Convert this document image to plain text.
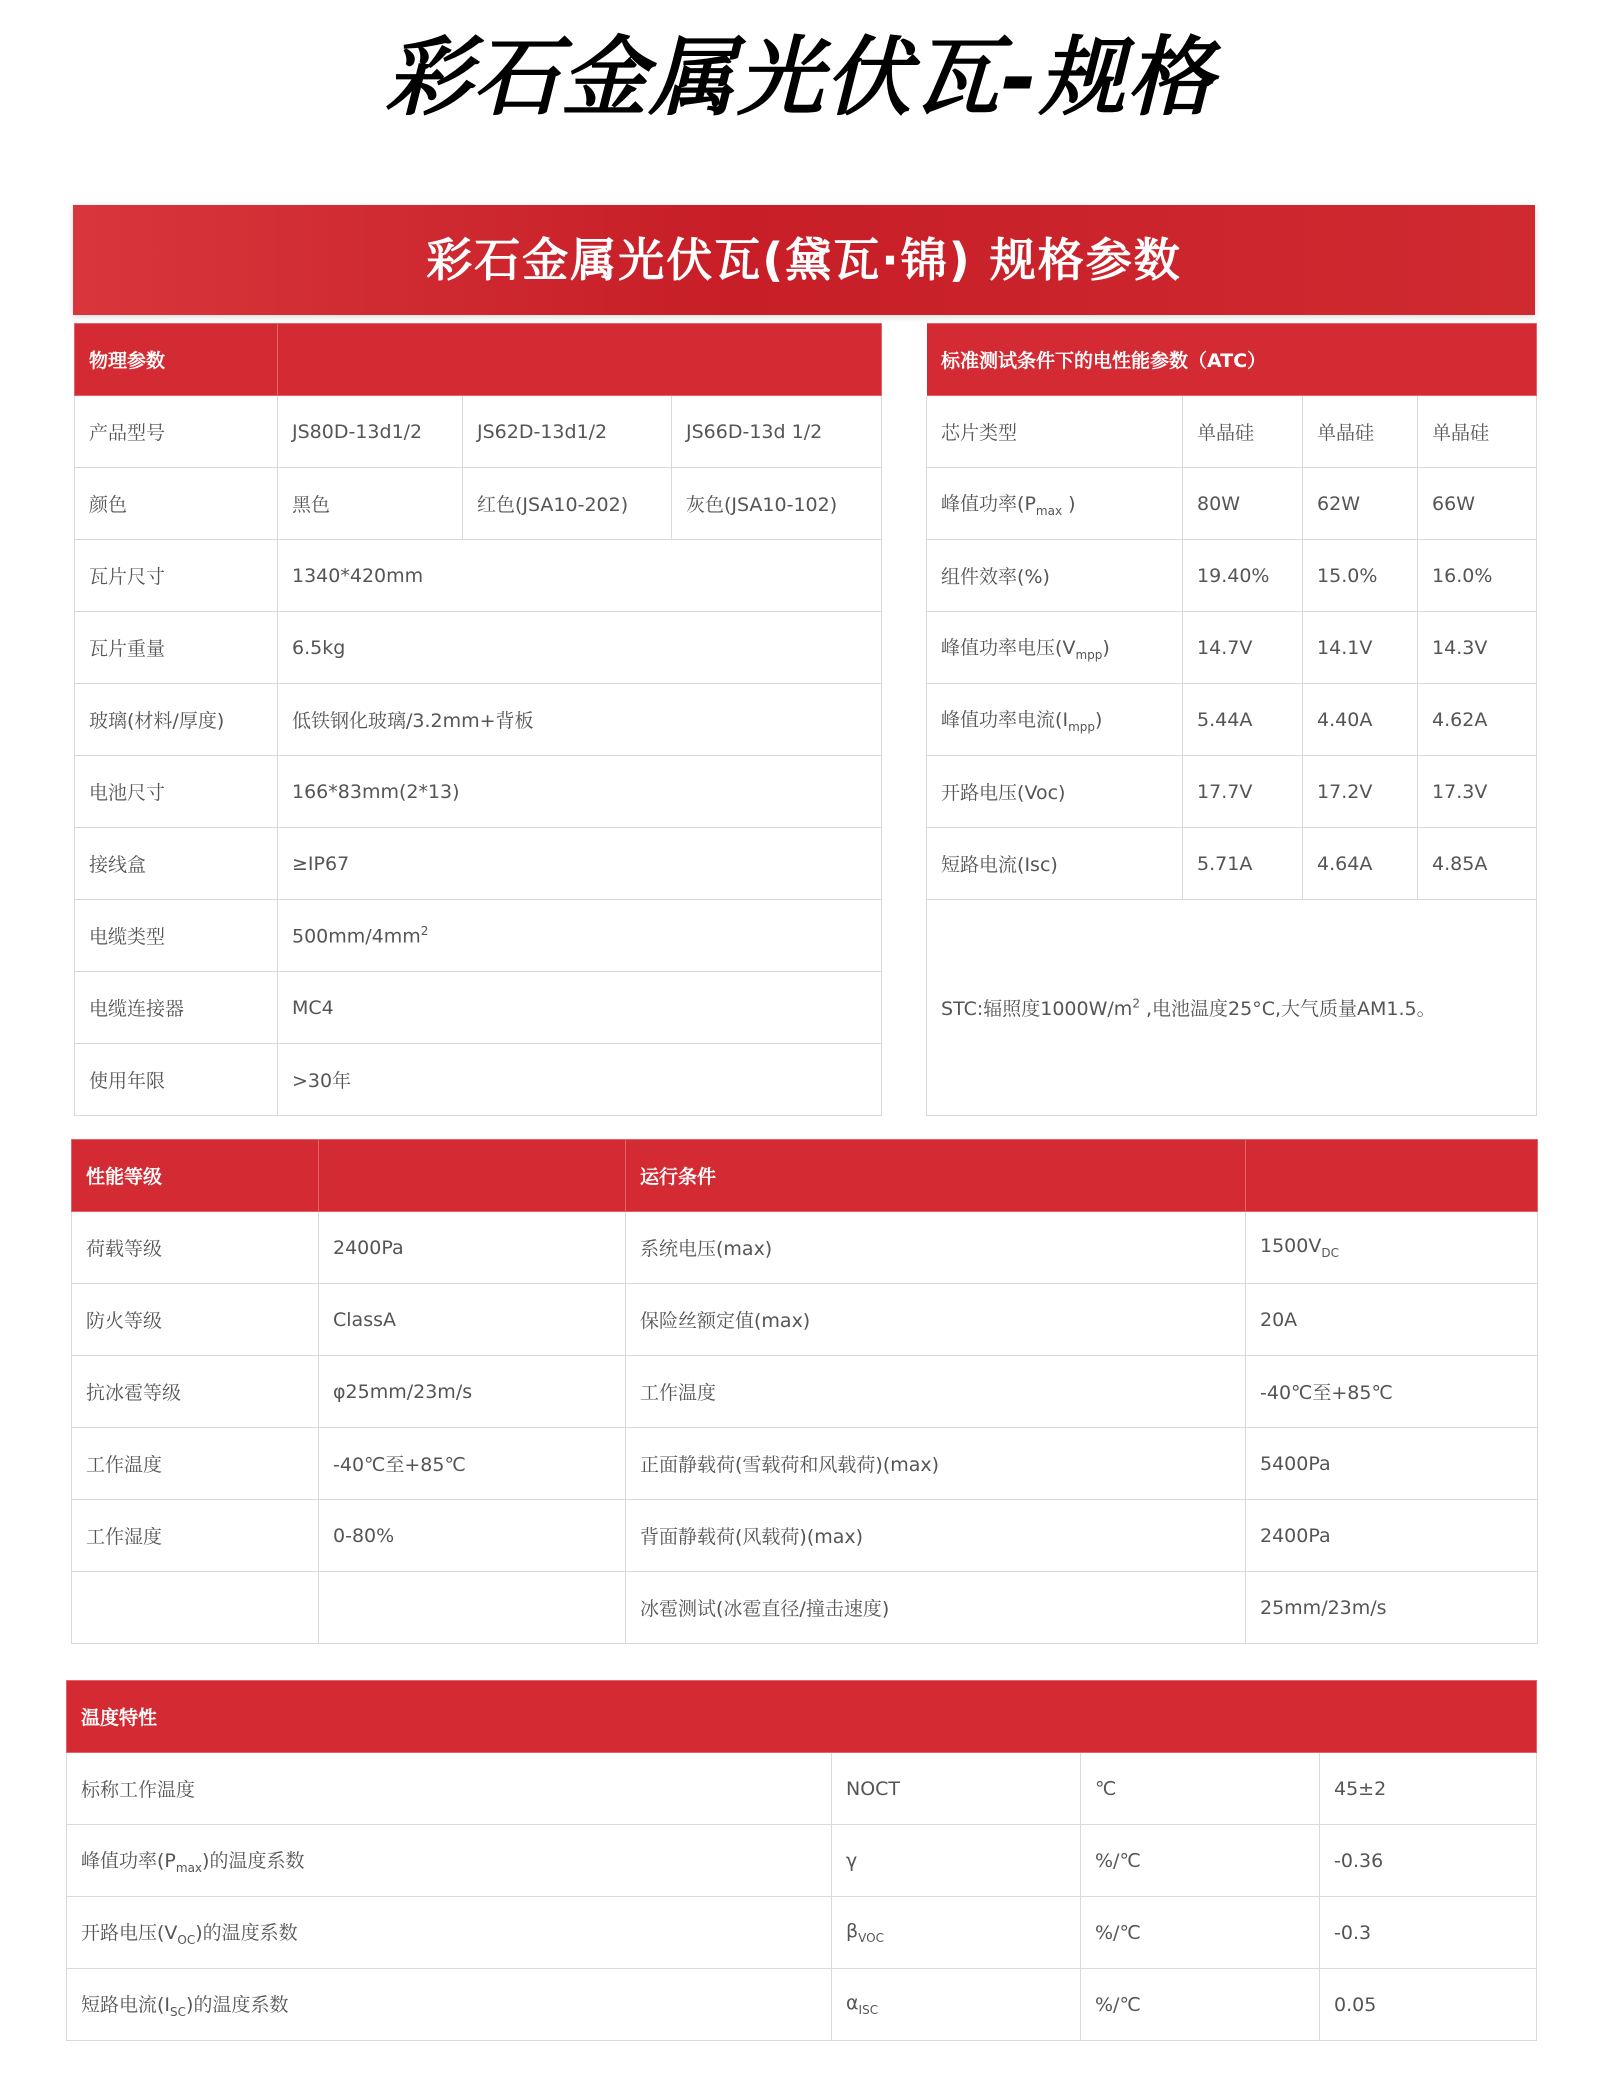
彩石金属光伏瓦-规格
彩石金属光伏瓦(黛瓦·锦) 规格参数
物理参数					标准测试条件下的电性能参数（ATC）			
产品型号	JS80D-13d1/2	JS62D-13d1/2	JS66D-13d 1/2		芯片类型	单晶硅	单晶硅	单晶硅
颜色	黑色	红色(JSA10-202)	灰色(JSA10-102)		峰值功率($P_{max}$ )	80W	62W	66W
瓦片尺寸	1340*420mm				组件效率(%)	19.40%	15.0%	16.0%
瓦片重量	6.5kg				峰值功率电压$(V_{mpp})$	14.7V	14.1V	14.3V
玻璃(材料/厚度)	低铁钢化玻璃/3.2mm+背板				峰值功率电流$(I_{mpp})$	5.44A	4.40A	4.62A
电池尺寸	166*83mm(2*13)				开路电压(Voc)	17.7V	17.2V	17.3V
接线盒	≥IP67				短路电流(Isc)	5.71A	4.64A	4.85A
电缆类型	$500mm/4mm^2$				STC:辐照度$1000W/m^2$ ,电池温度25°C,大气质量AM1.5。			
电缆连接器	MC4							
使用年限	>30年							
性能等级		运行条件	
荷载等级	2400Pa	系统电压(max)	$1500V_{DC}$
防火等级	ClassA	保险丝额定值(max)	20A
抗冰雹等级	φ25mm/23m/s	工作温度	-40℃至+85℃
工作温度	-40℃至+85℃	正面静载荷(雪载荷和风载荷)(max)	5400Pa
工作湿度	0-80%	背面静载荷(风载荷)(max)	2400Pa
		冰雹测试(冰雹直径/撞击速度)	25mm/23m/s
温度特性			
标称工作温度	NOCT	℃	45±2
峰值功率$(P_{max})$的温度系数	γ	%/℃	-0.36
开路电压$(V_{OC})$的温度系数	$\beta_{VOC}$	%/℃	-0.3
短路电流$(I_{SC})$的温度系数	$\alpha_{ISC}$	%/℃	0.05
